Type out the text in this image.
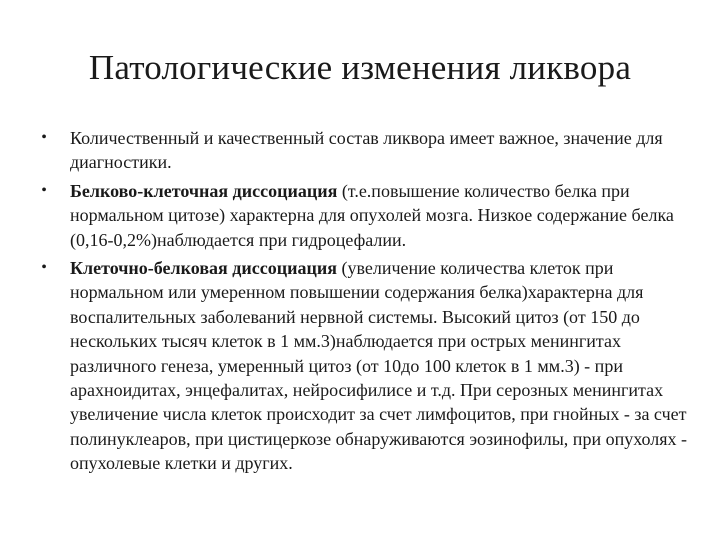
Патологические изменения ликвора
•	Количественный и качественный состав ликвора имеет важное, значение для диагностики.
•	Белково-клеточная диссоциация (т.е.повышение количество белка при нормальном цитозе) характерна для опухолей мозга. Низкое содержание белка (0,16-0,2%)наблюдается при гидроцефалии.
•	Клеточно-белковая диссоциация (увеличение количества клеток при нормальном или умеренном повышении содержания белка)характерна для воспалительных заболеваний нервной системы. Высокий цитоз (от 150 до нескольких тысяч клеток в 1 мм.3)наблюдается при острых менингитах различного генеза, умеренный цитоз (от 10до 100 клеток в 1 мм.3) - при арахноидитах, энцефалитах, нейросифилисе и т.д. При серозных менингитах увеличение числа клеток происходит за счет лимфоцитов, при гнойных - за счет полинуклеаров, при цистицеркозе обнаруживаются эозинофилы, при опухолях - опухолевые клетки и других.
